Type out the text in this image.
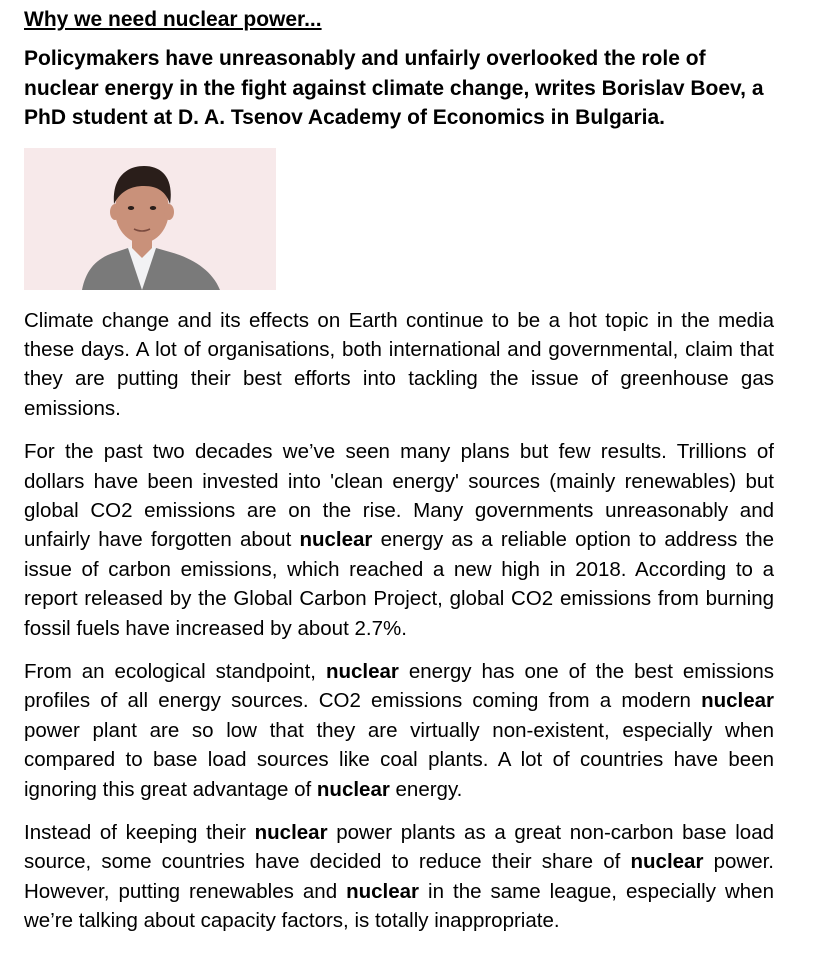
Why we need nuclear power...
Policymakers have unreasonably and unfairly overlooked the role of nuclear energy in the fight against climate change, writes Borislav Boev, a PhD student at D. A. Tsenov Academy of Economics in Bulgaria.

Climate change and its effects on Earth continue to be a hot topic in the media these days. A lot of organisations, both international and governmental, claim that they are putting their best efforts into tackling the issue of greenhouse gas emissions.

For the past two decades we’ve seen many plans but few results. Trillions of dollars have been invested into 'clean energy' sources (mainly renewables) but global CO2 emissions are on the rise. Many governments unreasonably and unfairly have forgotten about nuclear energy as a reliable option to address the issue of carbon emissions, which reached a new high in 2018. According to a report released by the Global Carbon Project, global CO2 emissions from burning fossil fuels have increased by about 2.7%.

From an ecological standpoint, nuclear energy has one of the best emissions profiles of all energy sources. CO2 emissions coming from a modern nuclear power plant are so low that they are virtually non-existent, especially when compared to base load sources like coal plants. A lot of countries have been ignoring this great advantage of nuclear energy.

Instead of keeping their nuclear power plants as a great non-carbon base load source, some countries have decided to reduce their share of nuclear power. However, putting renewables and nuclear in the same league, especially when we’re talking about capacity factors, is totally inappropriate.
